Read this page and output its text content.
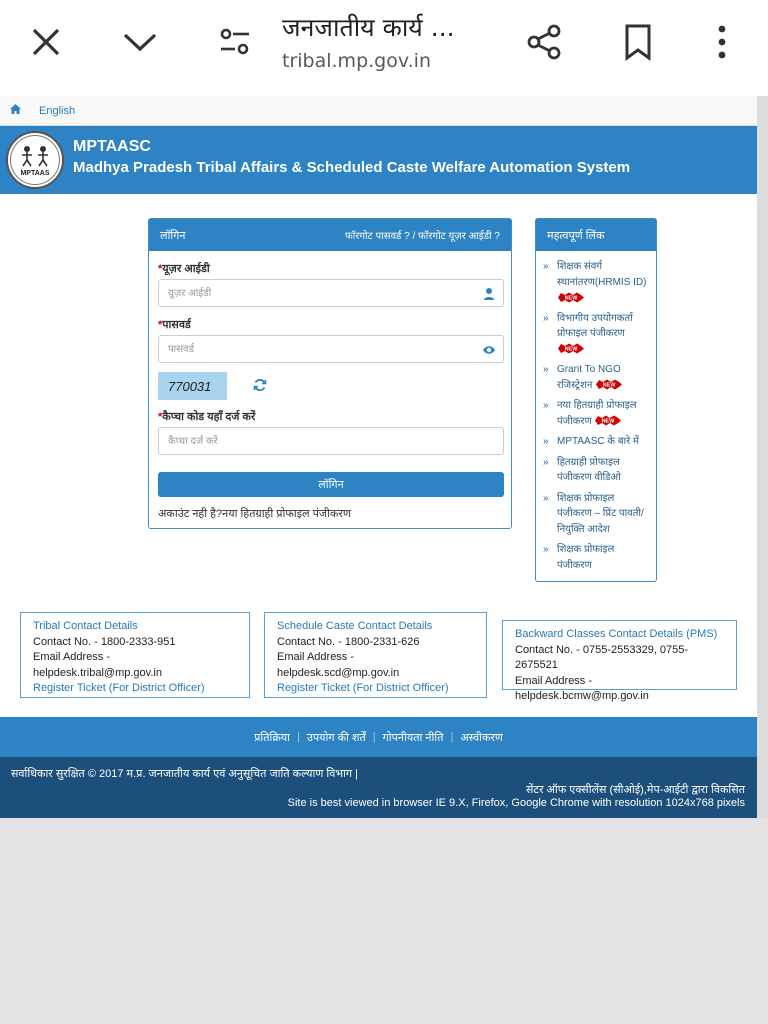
जनजातीय कार्य ...
tribal.mp.gov.in
English
MPTAAS
MPTAASC
Madhya Pradesh Tribal Affairs & Scheduled Caste Welfare Automation System
लॉगिन	फॉरगोट पासवर्ड ? / फॉरगोट यूज़र आईडी ?
*यूज़र आईडी
यूज़र आईडी
*पासवर्ड
770031
*कैप्चा कोड यहाँ दर्ज करें
कैप्चा दर्ज करें
लॉगिन
अकाउंट नही है?नया हितग्राही प्रोफाइल पंजीकरण
महत्वपूर्ण लिंक
» शिक्षक संवर्ग स्थानांतरण(HRMIS ID)
NEW
» विभागीय उपयोगकर्ता प्रोफाइल पंजीकरण

NEW
» Grant To NGO रजिस्ट्रेशन NEW
» नया हितग्राही प्रोफाइल पंजीकरण NEW
» MPTAASC के बारे में
» हितग्राही प्रोफाइल पंजीकरण वीडिओ
» शिक्षक प्रोफाइल पंजीकरण – प्रिंट पावती/नियुक्ति आदेश
» शिक्षक प्रोफाइल पंजीकरण
Tribal Contact Details
Contact No. - 1800-2333-951
Email Address - helpdesk.tribal@mp.gov.in
Register Ticket (For District Officer)
Schedule Caste Contact Details
Contact No. - 1800-2331-626
Email Address - helpdesk.scd@mp.gov.in
Register Ticket (For District Officer)
Backward Classes Contact Details (PMS)
Contact No. - 0755-2553329, 0755-2675521
Email Address - helpdesk.bcmw@mp.gov.in
प्रतिक्रिया | उपयोग की शर्तें | गोपनीयता नीति | अस्वीकरण
सर्वाधिकार सुरक्षित © 2017 म.प्र. जनजातीय कार्य एवं अनुसूचित जाति कल्याण विभाग |
सेंटर ऑफ एक्सीलेंस (सीओई),मेप-आईटी द्वारा विकसित
Site is best viewed in browser IE 9.X, Firefox, Google Chrome with resolution 1024x768 pixels
